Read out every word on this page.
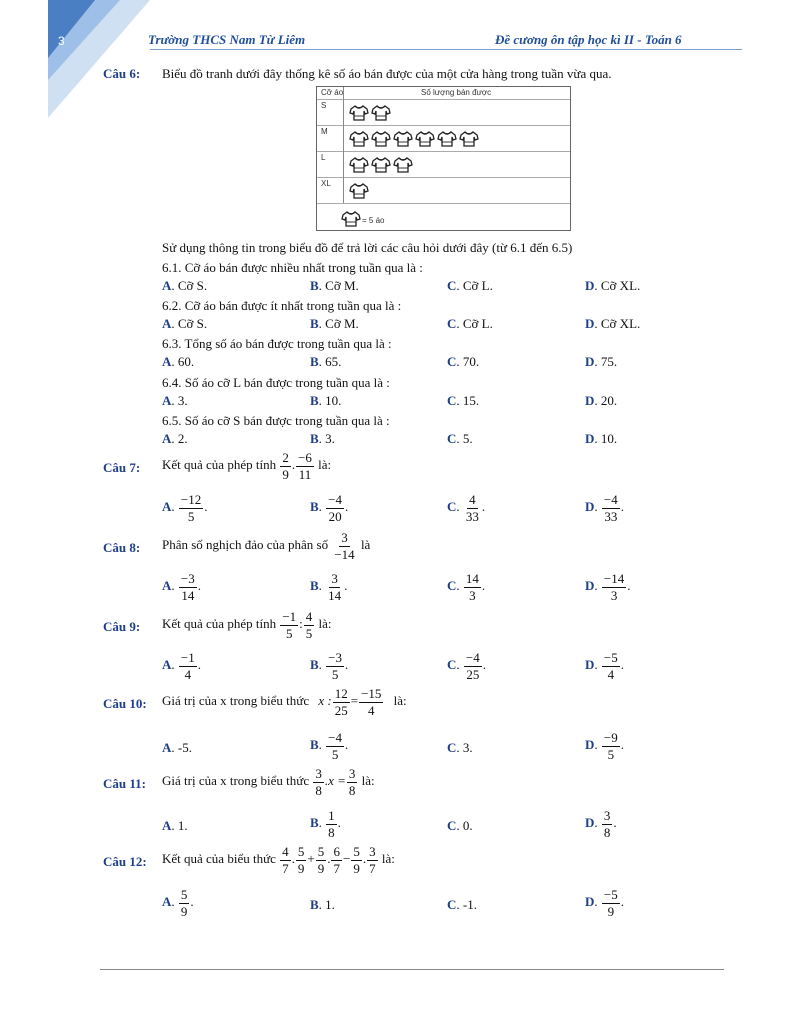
3	Trường THCS Nam Từ Liêm	Đề cương ôn tập học kì II - Toán 6
Câu 6: Biểu đồ tranh dưới đây thống kê số áo bán được của một cửa hàng trong tuần vừa qua.
Cỡ áo	Số lượng bán được
S
M
L
XL
= 5 áo
Sử dụng thông tin trong biểu đồ để trả lời các câu hỏi dưới đây (từ 6.1 đến 6.5)
6.1. Cỡ áo bán được nhiều nhất trong tuần qua là :
A. Cỡ S.	B. Cỡ M.	C. Cỡ L.	D. Cỡ XL.
6.2. Cỡ áo bán được ít nhất trong tuần qua là :
A. Cỡ S.	B. Cỡ M.	C. Cỡ L.	D. Cỡ XL.
6.3. Tổng số áo bán được trong tuần qua là :
A. 60.	B. 65.	C. 70.	D. 75.
6.4. Số áo cỡ L bán được trong tuần qua là :
A. 3.	B. 10.	C. 15.	D. 20.
6.5. Số áo cỡ S bán được trong tuần qua là :
A. 2.	B. 3.	C. 5.	D. 10.
Câu 7: Kết quả của phép tính $\frac{2}{9}$ . $\frac{-6}{11}$ là:
Câu 8: Phân số nghịch đảo của phân số $\frac{3}{-14}$ là
Câu 9: Kết quả của phép tính $\frac{-1}{5}$ : $\frac{4}{5}$ là:
Câu 10: Giá trị của x trong biểu thức x : $\frac{12}{25} = \frac{-15}{4}$ là:
Câu 11: Giá trị của x trong biểu thức $\frac{3}{8} .x = \frac{3}{8}$ là:
Câu 12: Kết quả của biểu thức $\frac{4}{7}$ . $\frac{5}{9} + \frac{5}{9}$ . $\frac{6}{7} - \frac{5}{9}$ . $\frac{3}{7}$ là:
A. $\frac{-12}{5}$ .	B. $\frac{-4}{20}$ .	C. $\frac{4}{33}$ .	D. $\frac{-4}{33}$ .
A. $\frac{-3}{14}$ .	B. $\frac{3}{14}$ .	C. $\frac{14}{3}$ .	D. $\frac{-14}{3}$ .
A. $\frac{-1}{4}$ .	B. $\frac{-3}{5}$ .	C. $\frac{-4}{25}$ .	D. $\frac{-5}{4}$ .
A. -5.	B. $\frac{-4}{5}$ .	C. 3.	D. $\frac{-9}{5}$ .
A. 1.	B. $\frac{1}{8}$ .	C. 0.	D. $\frac{3}{8}$ .
A. $\frac{5}{9}$ .	B. 1.	C. -1.	D. $\frac{-5}{9}$ .
